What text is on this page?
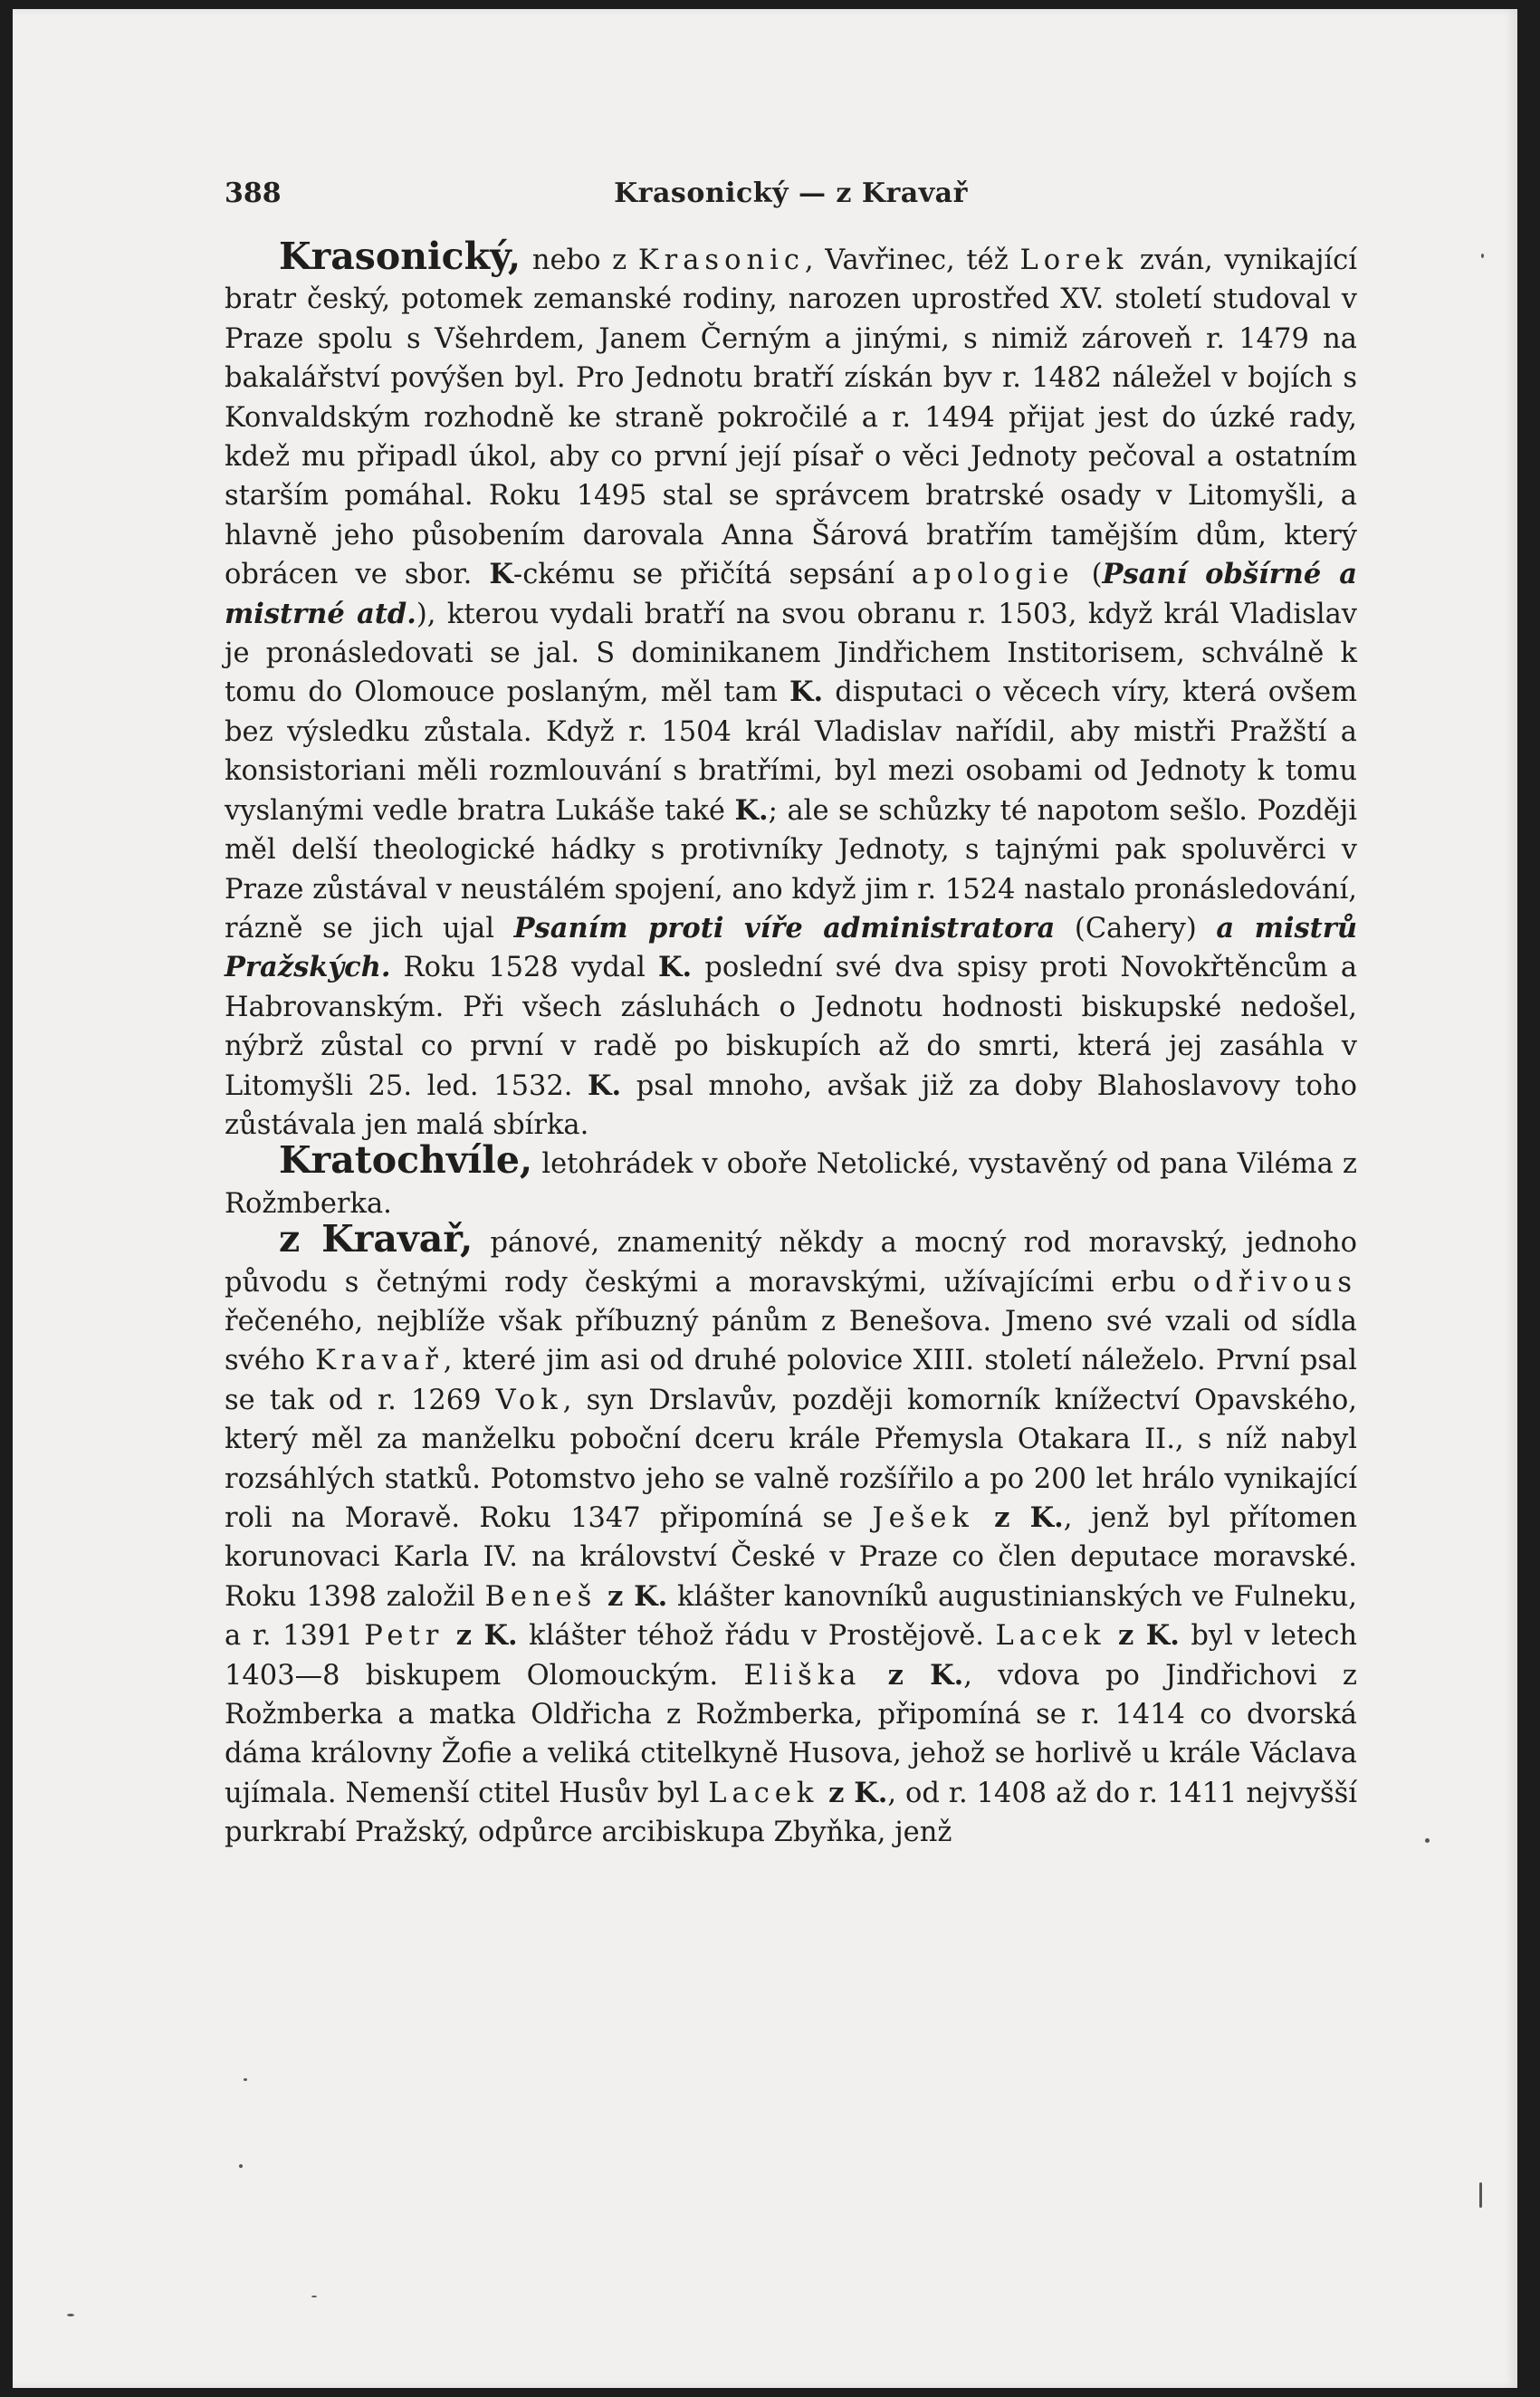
388	Krasonický — z Kravař

Krasonický, nebo z Krasonic, Vavřinec, též Lorek zván, vynikající bratr český, potomek zemanské rodiny, narozen uprostřed XV. století studoval v Praze spolu s Všehrdem, Janem Černým a jinými, s nimiž zároveň r. 1479 na bakalářství povýšen byl. Pro Jednotu bratří získán byv r. 1482 náležel v bojích s Konvaldským rozhodně ke straně pokročilé a r. 1494 přijat jest do úzké rady, kdež mu připadl úkol, aby co první její písař o věci Jednoty pečoval a ostatním starším pomáhal. Roku 1495 stal se správcem bratrské osady v Litomyšli, a hlavně jeho působením darovala Anna Šárová bratřím tamějším dům, který obrácen ve sbor. K-ckému se přičítá sepsání apologie (Psaní obšírné a mistrné atd.), kterou vydali bratří na svou obranu r. 1503, když král Vladislav je pronásledovati se jal. S dominikanem Jindřichem Institorisem, schválně k tomu do Olomouce poslaným, měl tam K. disputaci o věcech víry, která ovšem bez výsledku zůstala. Když r. 1504 král Vladislav nařídil, aby mistři Pražští a konsistoriani měli rozmlouvání s bratřími, byl mezi osobami od Jednoty k tomu vyslanými vedle bratra Lukáše také K.; ale se schůzky té napotom sešlo. Později měl delší theologické hádky s protivníky Jednoty, s tajnými pak spoluvěrci v Praze zůstával v neustálém spojení, ano když jim r. 1524 nastalo pronásledování, rázně se jich ujal Psaním proti víře administratora (Cahery) a mistrů Pražských. Roku 1528 vydal K. poslední své dva spisy proti Novokřtěncům a Habrovanským. Při všech zásluhách o Jednotu hodnosti biskupské nedošel, nýbrž zůstal co první v radě po biskupích až do smrti, která jej zasáhla v Litomyšli 25. led. 1532. K. psal mnoho, avšak již za doby Blahoslavovy toho zůstávala jen malá sbírka.

Kratochvíle, letohrádek v oboře Netolické, vystavěný od pana Viléma z Rožmberka.

z Kravař, pánové, znamenitý někdy a mocný rod moravský, jednoho původu s četnými rody českými a moravskými, užívajícími erbu odřivous řečeného, nejblíže však příbuzný pánům z Benešova. Jmeno své vzali od sídla svého Kravař, které jim asi od druhé polovice XIII. století náleželo. První psal se tak od r. 1269 Vok, syn Drslavův, později komorník knížectví Opavského, který měl za manželku poboční dceru krále Přemysla Otakara II., s níž nabyl rozsáhlých statků. Potomstvo jeho se valně rozšířilo a po 200 let hrálo vynikající roli na Moravě. Roku 1347 připomíná se Ješek z K., jenž byl přítomen korunovaci Karla IV. na království České v Praze co člen deputace moravské. Roku 1398 založil Beneš z K. klášter kanovníků augustinianských ve Fulneku, a r. 1391 Petr z K. klášter téhož řádu v Prostějově. Lacek z K. byl v letech 1403—8 biskupem Olomouckým. Eliška z K., vdova po Jindřichovi z Rožmberka a matka Oldřicha z Rožmberka, připomíná se r. 1414 co dvorská dáma královny Žofie a veliká ctitelkyně Husova, jehož se horlivě u krále Václava ujímala. Nemenší ctitel Husův byl Lacek z K., od r. 1408 až do r. 1411 nejvyšší purkrabí Pražský, odpůrce arcibiskupa Zbyňka, jenž
